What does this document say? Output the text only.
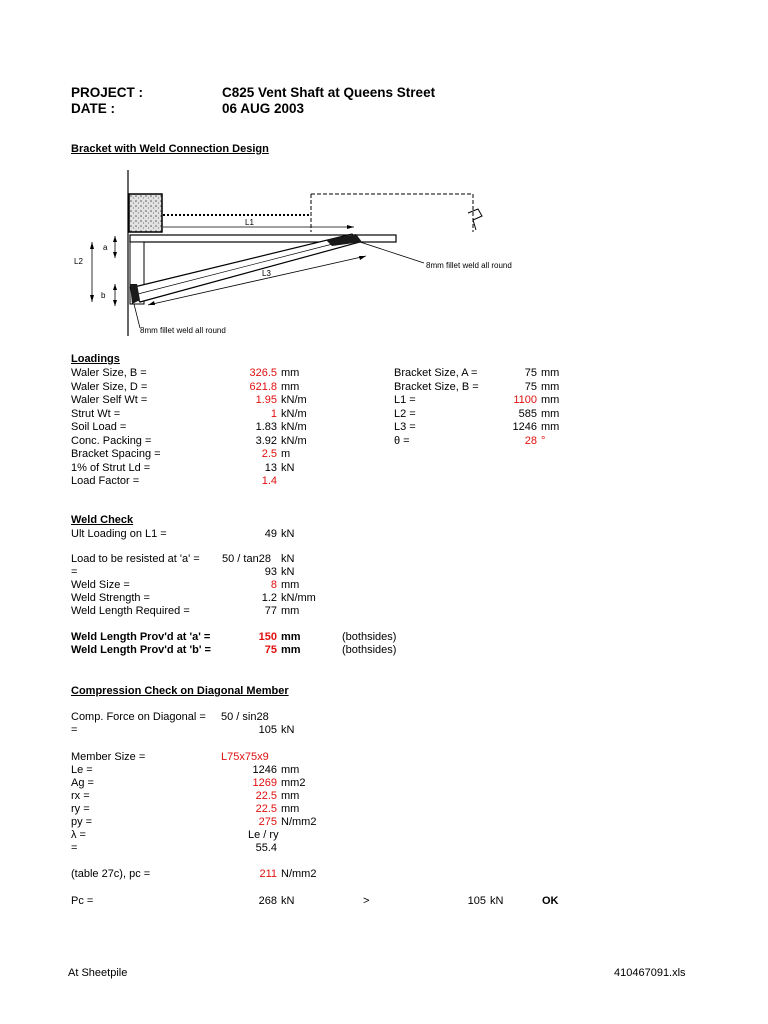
PROJECT :	C825 Vent Shaft at Queens Street
DATE :	06 AUG 2003
Bracket with Weld Connection Design
L1
L3
L2
a
b
8mm fillet weld all round
8mm fillet weld all round
Loadings
Waler Size, B =	326.5 mm
Waler Size, D =	621.8 mm
Waler Self Wt =	1.95 kN/m
Strut Wt =	1 kN/m
Soil Load =	1.83 kN/m
Conc. Packing =	3.92 kN/m
Bracket Spacing =	2.5 m
1% of Strut Ld =	13 kN
Load Factor =	1.4
Bracket Size, A =	75 mm
Bracket Size, B =	75 mm
L1 =	1100 mm
L2 =	585 mm
L3 =	1246 mm
θ =	28 °
Weld Check
Ult Loading on L1 =	49 kN
Load to be resisted at 'a' = 50 / tan28 kN
=	93 kN
Weld Size =	8 mm
Weld Strength =	1.2 kN/mm
Weld Length Required =	77 mm
Weld Length Prov'd at 'a' =	150 mm	(bothsides)
Weld Length Prov'd at 'b' =	75 mm	(bothsides)
Compression Check on Diagonal Member
Comp. Force on Diagonal = 50 / sin28
=	105 kN
Member Size =	L75x75x9
Le =	1246 mm
Ag =	1269 mm2
rx =	22.5 mm
ry =	22.5 mm
py =	275 N/mm2
λ =	Le / ry
=	55.4
(table 27c), pc =	211 N/mm2
Pc =	268 kN	>	105 kN	OK
At Sheetpile	410467091.xls
